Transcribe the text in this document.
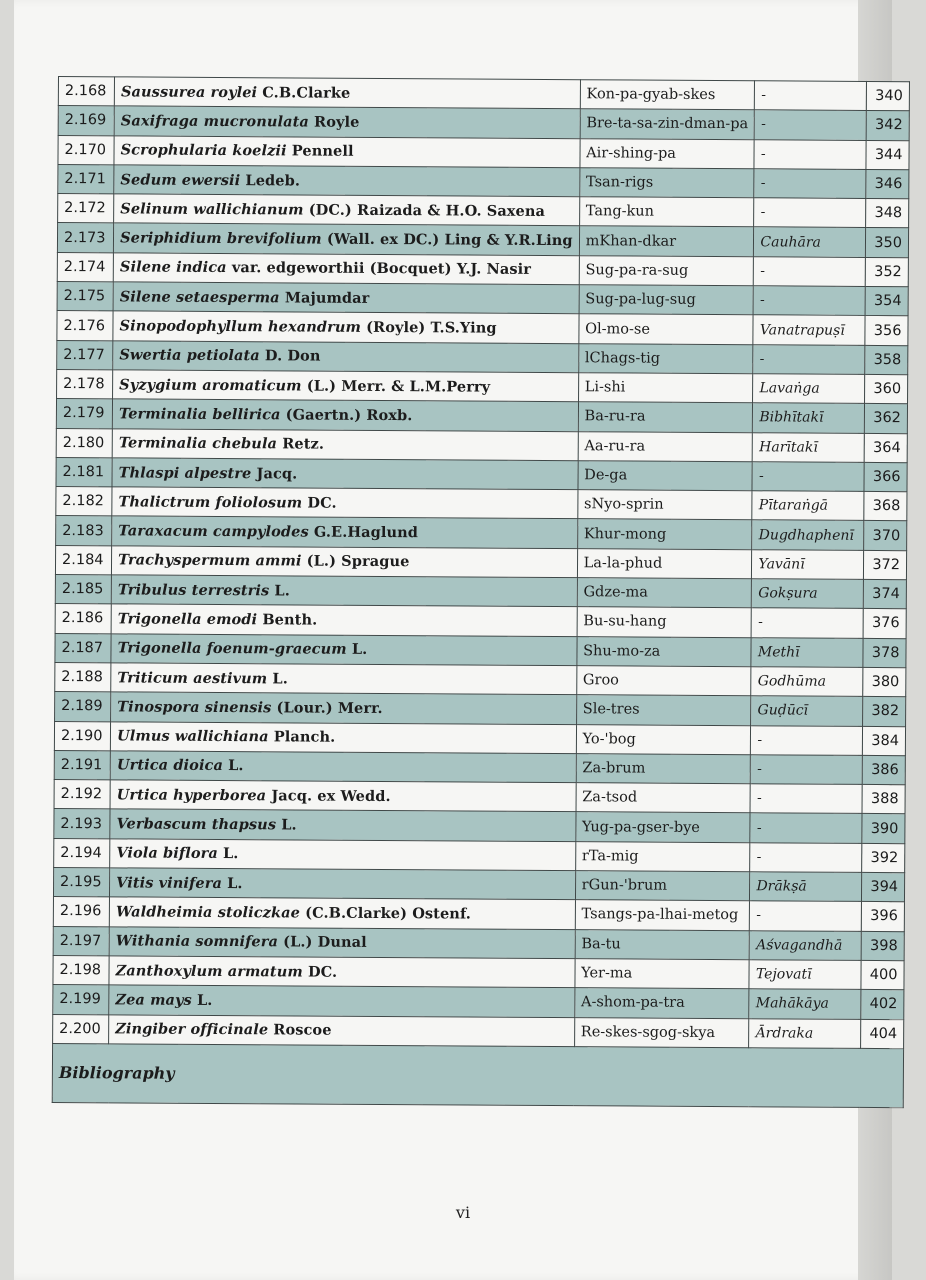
2.168	Saussurea roylei C.B.Clarke	Kon-pa-gyab-skes	-	340
2.169	Saxifraga mucronulata Royle	Bre-ta-sa-zin-dman-pa	-	342
2.170	Scrophularia koelzii Pennell	Air-shing-pa	-	344
2.171	Sedum ewersii Ledeb.	Tsan-rigs	-	346
2.172	Selinum wallichianum (DC.) Raizada & H.O. Saxena	Tang-kun	-	348
2.173	Seriphidium brevifolium (Wall. ex DC.) Ling & Y.R.Ling	mKhan-dkar	Cauhāra	350
2.174	Silene indica var. edgeworthii (Bocquet) Y.J. Nasir	Sug-pa-ra-sug	-	352
2.175	Silene setaesperma Majumdar	Sug-pa-lug-sug	-	354
2.176	Sinopodophyllum hexandrum (Royle) T.S.Ying	Ol-mo-se	Vanatrapuṣī	356
2.177	Swertia petiolata D. Don	lChags-tig	-	358
2.178	Syzygium aromaticum (L.) Merr. & L.M.Perry	Li-shi	Lavaṅga	360
2.179	Terminalia bellirica (Gaertn.) Roxb.	Ba-ru-ra	Bibhītakī	362
2.180	Terminalia chebula Retz.	Aa-ru-ra	Harītakī	364
2.181	Thlaspi alpestre Jacq.	De-ga	-	366
2.182	Thalictrum foliolosum DC.	sNyo-sprin	Pītaraṅgā	368
2.183	Taraxacum campylodes G.E.Haglund	Khur-mong	Dugdhaphenī	370
2.184	Trachyspermum ammi (L.) Sprague	La-la-phud	Yavānī	372
2.185	Tribulus terrestris L.	Gdze-ma	Gokṣura	374
2.186	Trigonella emodi Benth.	Bu-su-hang	-	376
2.187	Trigonella foenum-graecum L.	Shu-mo-za	Methī	378
2.188	Triticum aestivum L.	Groo	Godhūma	380
2.189	Tinospora sinensis (Lour.) Merr.	Sle-tres	Guḍūcī	382
2.190	Ulmus wallichiana Planch.	Yo-'bog	-	384
2.191	Urtica dioica L.	Za-brum	-	386
2.192	Urtica hyperborea Jacq. ex Wedd.	Za-tsod	-	388
2.193	Verbascum thapsus L.	Yug-pa-gser-bye	-	390
2.194	Viola biflora L.	rTa-mig	-	392
2.195	Vitis vinifera L.	rGun-'brum	Drākṣā	394
2.196	Waldheimia stoliczkae (C.B.Clarke) Ostenf.	Tsangs-pa-lhai-metog	-	396
2.197	Withania somnifera (L.) Dunal	Ba-tu	Aśvagandhā	398
2.198	Zanthoxylum armatum DC.	Yer-ma	Tejovatī	400
2.199	Zea mays L.	A-shom-pa-tra	Mahākāya	402
2.200	Zingiber officinale Roscoe	Re-skes-sgog-skya	Ārdraka	404
Bibliography				
vi
